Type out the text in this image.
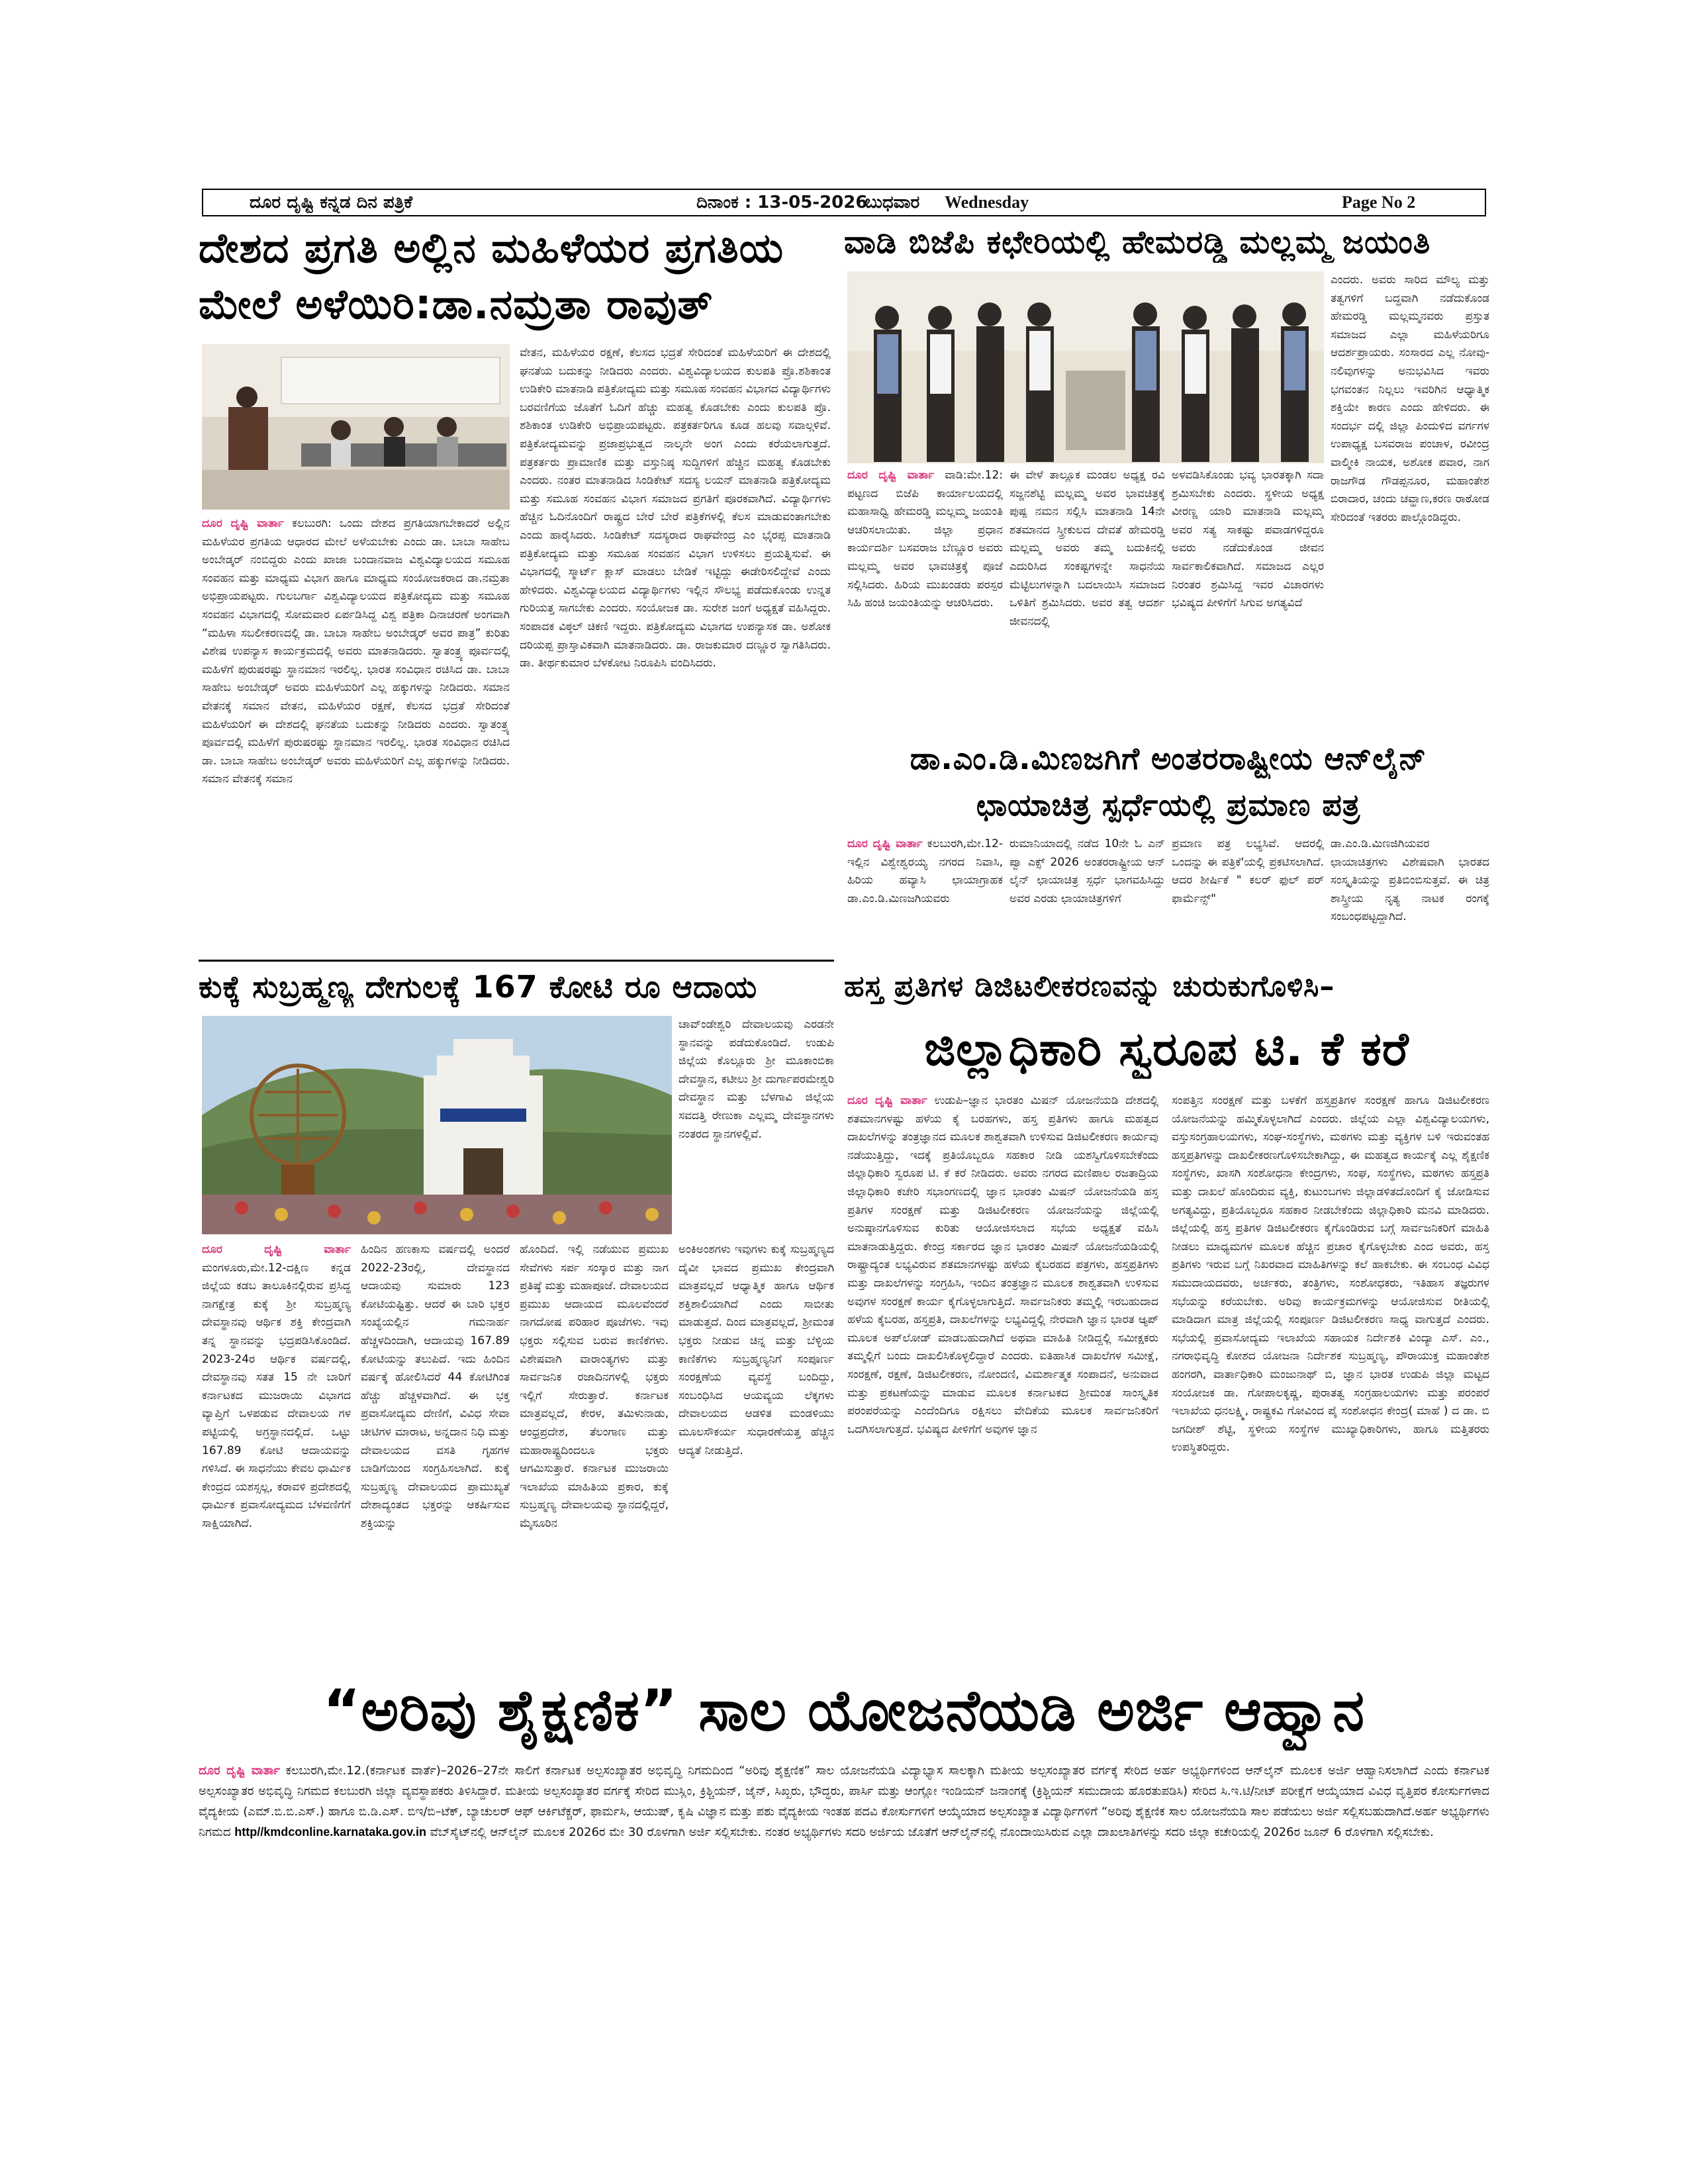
ದೂರ ದೃಷ್ಟಿ ಕನ್ನಡ ದಿನ ಪತ್ರಿಕೆ	ದಿನಾಂಕ : 13-05-2026
ಬುಧವಾರ Wednesday	Page No 2
ದೇಶದ ಪ್ರಗತಿ ಅಲ್ಲಿನ ಮಹಿಳೆಯರ ಪ್ರಗತಿಯ
ಮೇಲೆ ಅಳೆಯಿರಿ:ಡಾ.ನಮ್ರತಾ ರಾವುತ್

ದೂರ ದೃಷ್ಟಿ ವಾರ್ತಾ ಕಲಬುರಗಿ: ಒಂದು ದೇಶದ ಪ್ರಗತಿಯಾಗಬೇಕಾದರೆ ಅಲ್ಲಿನ ಮಹಿಳೆಯರ ಪ್ರಗತಿಯ ಆಧಾರದ ಮೇಲೆ ಅಳೆಯಬೇಕು ಎಂದು ಡಾ. ಬಾಬಾ ಸಾಹೇಬ ಅಂಬೇಡ್ಕರ್ ನಂಬಿದ್ದರು ಎಂದು ಖಾಜಾ ಬಂದಾನವಾಜ ವಿಶ್ವವಿದ್ಯಾಲಯದ ಸಮೂಹ ಸಂವಹನ ಮತ್ತು ಮಾಧ್ಯಮ ವಿಭಾಗ ಹಾಗೂ ಮಾಧ್ಯಮ ಸಂಯೋಜಕರಾದ ಡಾ.ನಮ್ರತಾ ಅಭಿಪ್ರಾಯಪಟ್ಟರು. ಗುಲಬರ್ಗಾ ವಿಶ್ವವಿದ್ಯಾಲಯದ ಪತ್ರಿಕೋದ್ಯಮ ಮತ್ತು ಸಮೂಹ ಸಂವಹನ ವಿಭಾಗದಲ್ಲಿ ಸೋಮವಾರ ಏರ್ಪಡಿಸಿದ್ದ ವಿಶ್ವ ಪತ್ರಿಕಾ ದಿನಾಚರಣೆ ಅಂಗವಾಗಿ “ಮಹಿಳಾ ಸಬಲೀಕರಣದಲ್ಲಿ ಡಾ. ಬಾಬಾ ಸಾಹೇಬ ಅಂಬೇಡ್ಕರ್ ಅವರ ಪಾತ್ರ” ಕುರಿತು ವಿಶೇಷ ಉಪನ್ಯಾಸ ಕಾರ್ಯಕ್ರಮದಲ್ಲಿ ಅವರು ಮಾತನಾಡಿದರು. ಸ್ವಾತಂತ್ರ್ಯ ಪೂರ್ವದಲ್ಲಿ ಮಹಿಳೆಗೆ ಪುರುಷರಷ್ಟು ಸ್ಥಾನಮಾನ ಇರಲಿಲ್ಲ. ಭಾರತ ಸಂವಿಧಾನ ರಚಿಸಿದ ಡಾ. ಬಾಬಾ ಸಾಹೇಬ ಅಂಬೇಡ್ಕರ್ ಅವರು ಮಹಿಳೆಯರಿಗೆ ಎಲ್ಲ ಹಕ್ಕುಗಳನ್ನು ನೀಡಿದರು. ಸಮಾನ ವೇತನಕ್ಕೆ ಸಮಾನ ವೇತನ, ಮಹಿಳೆಯರ ರಕ್ಷಣೆ, ಕೆಲಸದ ಭದ್ರತೆ ಸೇರಿದಂತೆ ಮಹಿಳೆಯರಿಗೆ ಈ ದೇಶದಲ್ಲಿ ಘನತೆಯ ಬದುಕನ್ನು ನೀಡಿದರು ಎಂದರು. ಸ್ವಾತಂತ್ರ್ಯ ಪೂರ್ವದಲ್ಲಿ ಮಹಿಳೆಗೆ ಪುರುಷರಷ್ಟು ಸ್ಥಾನಮಾನ ಇರಲಿಲ್ಲ. ಭಾರತ ಸಂವಿಧಾನ ರಚಿಸಿದ ಡಾ. ಬಾಬಾ ಸಾಹೇಬ ಅಂಬೇಡ್ಕರ್ ಅವರು ಮಹಿಳೆಯರಿಗೆ ಎಲ್ಲ ಹಕ್ಕುಗಳನ್ನು ನೀಡಿದರು. ಸಮಾನ ವೇತನಕ್ಕೆ ಸಮಾನ

ವೇತನ, ಮಹಿಳೆಯರ ರಕ್ಷಣೆ, ಕೆಲಸದ ಭದ್ರತೆ ಸೇರಿದಂತೆ ಮಹಿಳೆಯರಿಗೆ ಈ ದೇಶದಲ್ಲಿ ಘನತೆಯ ಬದುಕನ್ನು ನೀಡಿದರು ಎಂದರು. ವಿಶ್ವವಿದ್ಯಾಲಯದ ಕುಲಪತಿ ಪ್ರೊ.ಶಶಿಕಾಂತ ಉಡಿಕೇರಿ ಮಾತನಾಡಿ ಪತ್ರಿಕೋದ್ಯಮ ಮತ್ತು ಸಮೂಹ ಸಂವಹನ ವಿಭಾಗದ ವಿದ್ಯಾರ್ಥಿಗಳು ಬರವಣಿಗೆಯ ಜೊತೆಗೆ ಓದಿಗೆ ಹೆಚ್ಚು ಮಹತ್ವ ಕೊಡಬೇಕು ಎಂದು ಕುಲಪತಿ ಪ್ರೊ. ಶಶಿಕಾಂತ ಉಡಿಕೇರಿ ಅಭಿಪ್ರಾಯಪಟ್ಟರು. ಪತ್ರಕರ್ತರಿಗೂ ಕೂಡ ಹಲವು ಸವಾಲ್ಗಳಿವೆ. ಪತ್ರಿಕೋದ್ಯಮವನ್ನು ಪ್ರಜಾಪ್ರಭುತ್ವದ ನಾಲ್ಕನೇ ಅಂಗ ಎಂದು ಕರೆಯಲಾಗುತ್ತದೆ. ಪತ್ರಕರ್ತರು ಪ್ರಾಮಾಣಿಕ ಮತ್ತು ವಸ್ತುನಿಷ್ಠ ಸುದ್ದಿಗಳಿಗೆ ಹೆಚ್ಚಿನ ಮಹತ್ವ ಕೊಡಬೇಕು ಎಂದರು. ನಂತರ ಮಾತನಾಡಿದ ಸಿಂಡಿಕೇಟ್ ಸದಸ್ಯ ಲಯನ್ ಮಾತನಾಡಿ ಪತ್ರಿಕೋದ್ಯಮ ಮತ್ತು ಸಮೂಹ ಸಂವಹನ ವಿಭಾಗ ಸಮಾಜದ ಪ್ರಗತಿಗೆ ಪೂರಕವಾಗಿದೆ. ವಿದ್ಯಾರ್ಥಿಗಳು ಹೆಚ್ಚಿನ ಓದಿನೊಂದಿಗೆ ರಾಷ್ಟ್ರದ ಬೇರೆ ಬೇರೆ ಪತ್ರಿಕೆಗಳಲ್ಲಿ ಕೆಲಸ ಮಾಡುವಂತಾಗಬೇಕು ಎಂದು ಹಾರೈಸಿದರು. ಸಿಂಡಿಕೇಟ್ ಸದಸ್ಯರಾದ ರಾಘವೇಂದ್ರ ಎಂ ಭೈರಪ್ಪ ಮಾತನಾಡಿ ಪತ್ರಿಕೋದ್ಯಮ ಮತ್ತು ಸಮೂಹ ಸಂವಹನ ವಿಭಾಗ ಉಳಿಸಲು ಪ್ರಯತ್ನಿಸುವೆ. ಈ ವಿಭಾಗದಲ್ಲಿ ಸ್ಮಾರ್ಟ್ ಕ್ಲಾಸ್ ಮಾಡಲು ಬೇಡಿಕೆ ಇಟ್ಟಿದ್ದು ಈಡೇರಿಸಲಿದ್ದೇವೆ ಎಂದು ಹೇಳಿದರು. ವಿಶ್ವವಿದ್ಯಾಲಯದ ವಿದ್ಯಾರ್ಥಿಗಳು ಇಲ್ಲಿನ ಸೌಲಭ್ಯ ಪಡೆದುಕೊಂಡು ಉನ್ನತ ಗುರಿಯತ್ತ ಸಾಗಬೇಕು ಎಂದರು. ಸಂಯೋಜಕ ಡಾ. ಸುರೇಶ ಜಂಗೆ ಅಧ್ಯಕ್ಷತೆ ವಹಿಸಿದ್ದರು. ಸಂಪಾದಕ ವಿಠ್ಠಲ್ ಚಿಕಣಿ ಇದ್ದರು. ಪತ್ರಿಕೋದ್ಯಮ ವಿಭಾಗದ ಉಪನ್ಯಾಸಕ ಡಾ. ಅಶೋಕ ದರಿಯಪ್ಪ ಪ್ರಾಸ್ತಾವಿಕವಾಗಿ ಮಾತನಾಡಿದರು. ಡಾ. ರಾಜಕುಮಾರ ದಣ್ಣೂರ ಸ್ವಾಗತಿಸಿದರು. ಡಾ. ತೀರ್ಥಕುಮಾರ ಬೆಳಕೋಟ ನಿರೂಪಿಸಿ ವಂದಿಸಿದರು.

ವಾಡಿ ಬಿಜೆಪಿ ಕಛೇರಿಯಲ್ಲಿ ಹೇಮರಡ್ಡಿ ಮಲ್ಲಮ್ಮ ಜಯಂತಿ

ದೂರ ದೃಷ್ಟಿ ವಾರ್ತಾ ವಾಡಿ:ಮೇ.12: ಪಟ್ಟಣದ ಬಿಜೆಪಿ ಕಾರ್ಯಾಲಯದಲ್ಲಿ ಮಹಾಸಾಧ್ವಿ ಹೇಮರಡ್ಡಿ ಮಲ್ಲಮ್ಮ ಜಯಂತಿ ಆಚರಿಸಲಾಯಿತು. ಜಿಲ್ಲಾ ಪ್ರಧಾನ ಕಾರ್ಯದರ್ಶಿ ಬಸವರಾಜ ಬೆಣ್ಣೂರ ಅವರು ಮಲ್ಲಮ್ಮ ಅವರ ಭಾವಚಿತ್ರಕ್ಕೆ ಪೂಜೆ ಸಲ್ಲಿಸಿದರು. ಹಿರಿಯ ಮುಖಂಡರು ಪರಸ್ಪರ ಸಿಹಿ ಹಂಚಿ ಜಯಂತಿಯನ್ನು ಆಚರಿಸಿದರು.

ಈ ವೇಳೆ ತಾಲ್ಲೂಕ ಮಂಡಲ ಅಧ್ಯಕ್ಷ ರವಿ ಸಜ್ಜನಶೆಟ್ಟಿ ಮಲ್ಲಮ್ಮ ಅವರ ಭಾವಚಿತ್ರಕ್ಕೆ ಪುಷ್ಪ ನಮನ ಸಲ್ಲಿಸಿ ಮಾತನಾಡಿ 14ನೇ ಶತಮಾನದ ಸ್ತ್ರೀಕುಲದ ದೇವತೆ ಹೇಮರಡ್ಡಿ ಮಲ್ಲಮ್ಮ ಅವರು ತಮ್ಮ ಬದುಕಿನಲ್ಲಿ ಎದುರಿಸಿದ ಸಂಕಷ್ಟಗಳನ್ನೇ ಸಾಧನೆಯ ಮೆಟ್ಟಿಲುಗಳನ್ನಾಗಿ ಬದಲಾಯಿಸಿ ಸಮಾಜದ ಒಳಿತಿಗೆ ಶ್ರಮಿಸಿದರು. ಅವರ ತತ್ವ ಆದರ್ಶ ಜೀವನದಲ್ಲಿ

ಅಳವಡಿಸಿಕೊಂಡು ಭವ್ಯ ಭಾರತಕ್ಕಾಗಿ ಸದಾ ಶ್ರಮಿಸಬೇಕು ಎಂದರು. ಸ್ಥಳೀಯ ಅಧ್ಯಕ್ಷ ವೀರಣ್ಣ ಯಾರಿ ಮಾತನಾಡಿ ಮಲ್ಲಮ್ಮ ಅವರ ಸತ್ಯ ಸಾಕಷ್ಟು ಪವಾಡಗಳಿದ್ದರೂ ಅವರು ನಡೆದುಕೊಂಡ ಜೀವನ ಸಾರ್ವಕಾಲಿಕವಾಗಿದೆ. ಸಮಾಜದ ಎಲ್ಲರ ನಿರಂತರ ಶ್ರಮಿಸಿದ್ದ ಇವರ ವಿಚಾರಗಳು ಭವಿಷ್ಯದ ಪೀಳಿಗೆಗೆ ಸಿಗುವ ಅಗತ್ಯವಿದೆ

ಎಂದರು. ಅವರು ಸಾರಿದ ಮೌಲ್ಯ ಮತ್ತು ತತ್ವಗಳಿಗೆ ಬದ್ಧವಾಗಿ ನಡೆದುಕೊಂಡ ಹೇಮರಡ್ಡಿ ಮಲ್ಲಮ್ಮನವರು ಪ್ರಸ್ತುತ ಸಮಾಜದ ಎಲ್ಲಾ ಮಹಿಳೆಯರಿಗೂ ಆದರ್ಶಪ್ರಾಯರು. ಸಂಸಾರದ ಎಲ್ಲ ನೋವು-ನಲಿವುಗಳನ್ನು ಅನುಭವಿಸಿದ ಇವರು ಭಗವಂತನ ನಿಲ್ಲಲು ಇವರಿಗಿನ ಆಧ್ಯಾತ್ಮಿಕ ಶಕ್ತಿಯೇ ಕಾರಣ ಎಂದು ಹೇಳಿದರು. ಈ ಸಂದರ್ಭ ದಲ್ಲಿ ಜಿಲ್ಲಾ ಪಿಂದುಳಿದ ವರ್ಗಗಳ ಉಪಾಧ್ಯಕ್ಷ ಬಸವರಾಜ ಪಂಚಾಳ, ರವೀಂದ್ರ ವಾಲ್ಮೀಕಿ ನಾಯಕ, ಅಶೋಕ ಪವಾರ, ನಾಗ ರಾಜಗೌಡ ಗೌಡಪ್ಪನೂರ, ಮಹಾಂತೇಶ ಬಿರಾದಾರ, ಚಂದು ಚವ್ಹಾಣ,ಕರಣ ರಾಠೋಡ ಸೇರಿದಂತೆ ಇತರರು ಪಾಲ್ಗೊಂಡಿದ್ದರು.

ಡಾ.ಎಂ.ಡಿ.ಮಿಣಜಗಿಗೆ ಅಂತರರಾಷ್ಟ್ರೀಯ ಆನ್‌ಲೈನ್
ಛಾಯಾಚಿತ್ರ ಸ್ಪರ್ಧೆಯಲ್ಲಿ ಪ್ರಮಾಣ ಪತ್ರ

ದೂರ ದೃಷ್ಟಿ ವಾರ್ತಾ ಕಲಬುರಗಿ,ಮೇ.12-ಇಲ್ಲಿನ ವಿಶ್ವೇಶ್ವರಯ್ಯ ನಗರದ ನಿವಾಸಿ, ಹಿರಿಯ ಹವ್ಯಾಸಿ ಛಾಯಾಗ್ರಾಹಕ ಡಾ.ಎಂ.ಡಿ.ಮಿಣಜಗಿಯವರು

ರುಮಾನಿಯಾದಲ್ಲಿ ನಡೆದ 10ನೇ ಓ ಎನ್ ಪ್ವಾ ಎಕ್ಸ್ 2026 ಅಂತರರಾಷ್ಟ್ರೀಯ ಆನ್ ಲೈನ್ ಛಾಯಾಚಿತ್ರ ಸ್ಪರ್ಧೆ ಭಾಗವಹಿಸಿದ್ದು ಅವರ ಎರಡು ಛಾಯಾಚಿತ್ರಗಳಿಗೆ

ಪ್ರಮಾಣ ಪತ್ರ ಲಭ್ಯಸಿವೆ. ಆದರಲ್ಲಿ ಒಂದನ್ನು ಈ ಪತ್ರಿಕೆ'ಯಲ್ಲಿ ಪ್ರಕಟಿಸಲಾಗಿದೆ. ಆದರ ಶೀರ್ಷಿಕೆ " ಕಲರ್ ಫುಲ್ ಪರ್ ಫಾರ್ಮೆನ್ಸ್"

ಡಾ.ಎಂ.ಡಿ.ಮಿಣಜಿಗಿಯವರ ಛಾಯಾಚಿತ್ರಗಳು ವಿಶೇಷವಾಗಿ ಭಾರತದ ಸಂಸ್ಕೃತಿಯನ್ನು ಪ್ರತಿಬಿಂಬಿಸುತ್ತವೆ. ಈ ಚಿತ್ರ ಶಾಸ್ತ್ರೀಯ ನೃತ್ಯ ನಾಟಕ ರಂಗಕ್ಕೆ ಸಂಬಂಧಪಟ್ಟದ್ದಾಗಿದೆ.

ಕುಕ್ಕೆ ಸುಬ್ರಹ್ಮಣ್ಯ ದೇಗುಲಕ್ಕೆ 167 ಕೋಟಿ ರೂ ಆದಾಯ

ಚಾವ್‌ಂಡೇಶ್ವರಿ ದೇವಾಲಯವು ಎರಡನೇ ಸ್ಥಾನವನ್ನು ಪಡೆದುಕೊಂಡಿದೆ. ಉಡುಪಿ ಜಿಲ್ಲೆಯ ಕೊಲ್ಲೂರು ಶ್ರೀ ಮೂಕಾಂಬಿಕಾ ದೇವಸ್ಥಾನ, ಕಟೀಲು ಶ್ರೀ ದುರ್ಗಾಪರಮೇಶ್ವರಿ ದೇವಸ್ಥಾನ ಮತ್ತು ಬೆಳಗಾವಿ ಜಿಲ್ಲೆಯ ಸವದತ್ತಿ ರೇಣುಕಾ ಎಲ್ಲಮ್ಮ ದೇವಸ್ಥಾನಗಳು ನಂತರದ ಸ್ಥಾನಗಳಲ್ಲಿವೆ.

ದೂರ ದೃಷ್ಟಿ ವಾರ್ತಾ ಮಂಗಳೂರು,ಮೇ.12-ದಕ್ಷಿಣ ಕನ್ನಡ ಜಿಲ್ಲೆಯ ಕಡಬ ತಾಲೂಕಿನಲ್ಲಿರುವ ಪ್ರಸಿದ್ಧ ನಾಗಕ್ಷೇತ್ರ ಕುಕ್ಕೆ ಶ್ರೀ ಸುಬ್ರಹ್ಮಣ್ಯ ದೇವಸ್ಥಾನವು ಆರ್ಥಿಕ ಶಕ್ತಿ ಕೇಂದ್ರವಾಗಿ ತನ್ನ ಸ್ಥಾನವನ್ನು ಭದ್ರಪಡಿಸಿಕೊಂಡಿದೆ. 2023-24ರ ಆರ್ಥಿಕ ವರ್ಷದಲ್ಲಿ, ದೇವಸ್ಥಾನವು ಸತತ 15 ನೇ ಬಾರಿಗೆ ಕರ್ನಾಟಕದ ಮುಜರಾಯಿ ವಿಭಾಗದ ವ್ಯಾಪ್ತಿಗೆ ಒಳಪಡುವ ದೇವಾಲಯ ಗಳ ಪಟ್ಟಿಯಲ್ಲಿ ಅಗ್ರಸ್ಥಾನದಲ್ಲಿದೆ. ಒಟ್ಟು 167.89 ಕೋಟಿ ಆದಾಯವನ್ನು ಗಳಿಸಿದೆ. ಈ ಸಾಧನೆಯು ಕೇವಲ ಧಾರ್ಮಿಕ ಕೇಂದ್ರದ ಯಶಸ್ಸಲ್ಲ, ಕರಾವಳಿ ಪ್ರದೇಶದಲ್ಲಿ ಧಾರ್ಮಿಕ ಪ್ರವಾಸೋದ್ಯಮದ ಬೆಳವಣಿಗೆಗೆ ಸಾಕ್ಷಿಯಾಗಿದೆ.

ಹಿಂದಿನ ಹಣಕಾಸು ವರ್ಷದಲ್ಲಿ ಅಂದರೆ 2022-23ರಲ್ಲಿ, ದೇವಸ್ಥಾನದ ಆದಾಯವು ಸುಮಾರು 123 ಕೋಟಿಯಷ್ಟಿತ್ತು. ಆದರೆ ಈ ಬಾರಿ ಭಕ್ತರ ಸಂಖ್ಯೆಯಲ್ಲಿನ ಗಮನಾರ್ಹ ಹೆಚ್ಚಳದಿಂದಾಗಿ, ಆದಾಯವು 167.89 ಕೋಟಿಯನ್ನು ತಲುಪಿದೆ. ಇದು ಹಿಂದಿನ ವರ್ಷಕ್ಕೆ ಹೋಲಿಸಿದರೆ 44 ಕೋಟಿಗಿಂತ ಹೆಚ್ಚು ಹೆಚ್ಚಳವಾಗಿದೆ. ಈ ಭಕ್ತ ಪ್ರವಾಸೋದ್ಯಮ ದೇಣಿಗೆ, ವಿವಿಧ ಸೇವಾ ಚೀಟಿಗಳ ಮಾರಾಟ, ಅನ್ನದಾನ ನಿಧಿ ಮತ್ತು ದೇವಾಲಯದ ವಸತಿ ಗೃಹಗಳ ಬಾಡಿಗೆಯಿಂದ ಸಂಗ್ರಹಿಸಲಾಗಿದೆ. ಕುಕ್ಕೆ ಸುಬ್ರಹ್ಮಣ್ಯ ದೇವಾಲಯದ ಪ್ರಾಮುಖ್ಯತೆ ದೇಶಾದ್ಯಂತದ ಭಕ್ತರನ್ನು ಆಕರ್ಷಿಸುವ ಶಕ್ತಿಯನ್ನು

ಹೊಂದಿದೆ. ಇಲ್ಲಿ ನಡೆಯುವ ಪ್ರಮುಖ ಸೇವೆಗಳು ಸರ್ಪ ಸಂಸ್ಕಾರ ಮತ್ತು ನಾಗ ಪ್ರತಿಷ್ಠೆ ಮತ್ತು ಮಹಾಪೂಜೆ. ದೇವಾಲಯದ ಪ್ರಮುಖ ಆದಾಯದ ಮೂಲವೆಂದರೆ ನಾಗದೋಷ ಪರಿಹಾರ ಪೂಜೆಗಳು. ಇವು ಭಕ್ತರು ಸಲ್ಲಿಸುವ ಬರುವ ಕಾಣಿಕೆಗಳು. ವಿಶೇಷವಾಗಿ ವಾರಾಂತ್ಯಗಳು ಮತ್ತು ಸಾರ್ವಜನಿಕ ರಜಾದಿನಗಳಲ್ಲಿ ಭಕ್ತರು ಇಲ್ಲಿಗೆ ಸೇರುತ್ತಾರೆ. ಕರ್ನಾಟಕ ಮಾತ್ರವಲ್ಲದೆ, ಕೇರಳ, ತಮಿಳುನಾಡು, ಆಂಧ್ರಪ್ರದೇಶ, ತೆಲಂಗಾಣ ಮತ್ತು ಮಹಾರಾಷ್ಟ್ರದಿಂದಲೂ ಭಕ್ತರು ಆಗಮಿಸುತ್ತಾರೆ. ಕರ್ನಾಟಕ ಮುಜರಾಯಿ ಇಲಾಖೆಯ ಮಾಹಿತಿಯ ಪ್ರಕಾರ, ಕುಕ್ಕೆ ಸುಬ್ರಹ್ಮಣ್ಯ ದೇವಾಲಯವು ಸ್ಥಾನದಲ್ಲಿದ್ದರೆ, ಮೈಸೂರಿನ

ಅಂಕಿಅಂಶಗಳು ಇವುಗಳು ಕುಕ್ಕೆ ಸುಬ್ರಹ್ಮಣ್ಯದ ದೈವೀ ಭಾವದ ಪ್ರಮುಖ ಕೇಂದ್ರವಾಗಿ ಮಾತ್ರವಲ್ಲದೆ ಆಧ್ಯಾತ್ಮಿಕ ಹಾಗೂ ಆರ್ಥಿಕ ಶಕ್ತಿಶಾಲಿಯಾಗಿದೆ ಎಂದು ಸಾಬೀತು ಮಾಡುತ್ತದೆ. ದಿಂದ ಮಾತ್ರವಲ್ಲದೆ, ಶ್ರೀಮಂತ ಭಕ್ತರು ನೀಡುವ ಚಿನ್ನ ಮತ್ತು ಬೆಳ್ಳಿಯ ಕಾಣಿಕೆಗಳು ಸುಬ್ರಹ್ಮಣ್ಯನಿಗೆ ಸಂಪೂರ್ಣ ಸಂರಕ್ಷಣೆಯ ವ್ಯವಸ್ಥೆ ಬಂದಿದ್ದು, ಸಂಬಂಧಿಸಿದ ಆಯವ್ಯಯ ಲೆಕ್ಕಗಳು ದೇವಾಲಯದ ಆಡಳಿತ ಮಂಡಳಿಯು ಮೂಲಸೌಕರ್ಯ ಸುಧಾರಣೆಯತ್ತ ಹೆಚ್ಚಿನ ಆದ್ಯತೆ ನೀಡುತ್ತಿದೆ.

ಹಸ್ತ ಪ್ರತಿಗಳ ಡಿಜಿಟಲೀಕರಣವನ್ನು ಚುರುಕುಗೊಳಿಸಿ–
ಜಿಲ್ಲಾಧಿಕಾರಿ ಸ್ವರೂಪ ಟಿ. ಕೆ ಕರೆ

ದೂರ ದೃಷ್ಟಿ ವಾರ್ತಾ ಉಡುಪಿ–ಜ್ಞಾನ ಭಾರತಂ ಮಿಷನ್ ಯೋಜನೆಯಡಿ ದೇಶದಲ್ಲಿ ಶತಮಾನಗಳಷ್ಟು ಹಳೆಯ ಕೈ ಬರಹಗಳು, ಹಸ್ತ ಪ್ರತಿಗಳು ಹಾಗೂ ಮಹತ್ವದ ದಾಖಲೆಗಳನ್ನು ತಂತ್ರಜ್ಞಾನದ ಮೂಲಕ ಶಾಶ್ವತವಾಗಿ ಉಳಿಸುವ ಡಿಜಿಟಲೀಕರಣ ಕಾರ್ಯವು ನಡೆಯುತ್ತಿದ್ದು, ಇದಕ್ಕೆ ಪ್ರತಿಯೊಬ್ಬರೂ ಸಹಕಾರ ನೀಡಿ ಯಶಸ್ವಿಗೊಳಿಸಬೇಕೆಂದು ಜಿಲ್ಲಾಧಿಕಾರಿ ಸ್ವರೂಪ ಟಿ. ಕೆ ಕರೆ ನೀಡಿದರು. ಅವರು ನಗರದ ಮಣಿಪಾಲ ರಜತಾದ್ರಿಯ ಜಿಲ್ಲಾಧಿಕಾರಿ ಕಚೇರಿ ಸಭಾಂಗಣದಲ್ಲಿ ಜ್ಞಾನ ಭಾರತಂ ಮಿಷನ್ ಯೋಜನೆಯಡಿ ಹಸ್ತ ಪ್ರತಿಗಳ ಸಂರಕ್ಷಣೆ ಮತ್ತು ಡಿಜಿಟಲೀಕರಣ ಯೋಜನೆಯನ್ನು ಜಿಲ್ಲೆಯಲ್ಲಿ ಅನುಷ್ಠಾನಗೊಳಿಸುವ ಕುರಿತು ಆಯೋಜಿಸಲಾದ ಸಭೆಯ ಅಧ್ಯಕ್ಷತೆ ವಹಿಸಿ ಮಾತನಾಡುತ್ತಿದ್ದರು. ಕೇಂದ್ರ ಸರ್ಕಾರದ ಜ್ಞಾನ ಭಾರತಂ ಮಿಷನ್ ಯೋಜನೆಯಡಿಯಲ್ಲಿ ರಾಷ್ಟ್ರಾದ್ಯಂತ ಲಭ್ಯವಿರುವ ಶತಮಾನಗಳಷ್ಟು ಹಳೆಯ ಕೈಬರಹದ ಪತ್ರಗಳು, ಹಸ್ತಪ್ರತಿಗಳು ಮತ್ತು ದಾಖಲೆಗಳನ್ನು ಸಂಗ್ರಹಿಸಿ, ಇಂದಿನ ತಂತ್ರಜ್ಞಾನ ಮೂಲಕ ಶಾಶ್ವತವಾಗಿ ಉಳಿಸುವ ಅವುಗಳ ಸಂರಕ್ಷಣೆ ಕಾರ್ಯ ಕೈಗೊಳ್ಳಲಾಗುತ್ತಿದೆ. ಸಾರ್ವಜನಿಕರು ತಮ್ಮಲ್ಲಿ ಇರಬಹುದಾದ ಹಳೆಯ ಕೈಬರಹ, ಹಸ್ತಪ್ರತಿ, ದಾಖಲೆಗಳನ್ನು ಲಭ್ಯವಿದ್ದಲ್ಲಿ ನೇರವಾಗಿ ಜ್ಞಾನ ಭಾರತ ಆ್ಯಪ್ ಮೂಲಕ ಅಪ್‌ಲೋಡ್ ಮಾಡಬಹುದಾಗಿದೆ ಅಥವಾ ಮಾಹಿತಿ ನೀಡಿದ್ದಲ್ಲಿ ಸಮೀಕ್ಷಕರು ತಮ್ಮಲ್ಲಿಗೆ ಬಂದು ದಾಖಲಿಸಿಕೊಳ್ಳಲಿದ್ದಾರೆ ಎಂದರು. ಐತಿಹಾಸಿಕ ದಾಖಲೆಗಳ ಸಮೀಕ್ಷೆ, ಸಂರಕ್ಷಣೆ, ರಕ್ಷಣೆ, ಡಿಜಿಟಲೀಕರಣ, ನೋಂದಣಿ, ವಿಮರ್ಶಾತ್ಮಕ ಸಂಪಾದನೆ, ಅನುವಾದ ಮತ್ತು ಪ್ರಕಟಣೆಯನ್ನು ಮಾಡುವ ಮೂಲಕ ಕರ್ನಾಟಕದ ಶ್ರೀಮಂತ ಸಾಂಸ್ಕೃತಿಕ ಪರಂಪರೆಯನ್ನು ಎಂದೆಂದಿಗೂ ರಕ್ಷಿಸಲು ವೇದಿಕೆಯ ಮೂಲಕ ಸಾರ್ವಜನಿಕರಿಗೆ ಒದಗಿಸಲಾಗುತ್ತದೆ. ಭವಿಷ್ಯದ ಪೀಳಿಗೆಗೆ ಅವುಗಳ ಜ್ಞಾನ

ಸಂಪತ್ತಿನ ಸಂರಕ್ಷಣೆ ಮತ್ತು ಬಳಕೆಗೆ ಹಸ್ತಪ್ರತಿಗಳ ಸಂರಕ್ಷಣೆ ಹಾಗೂ ಡಿಜಿಟಲೀಕರಣ ಯೋಜನೆಯನ್ನು ಹಮ್ಮಿಕೊಳ್ಳಲಾಗಿದೆ ಎಂದರು. ಜಿಲ್ಲೆಯ ಎಲ್ಲಾ ವಿಶ್ವವಿದ್ಯಾಲಯಗಳು, ವಸ್ತುಸಂಗ್ರಹಾಲಯಗಳು, ಸಂಘ-ಸಂಸ್ಥೆಗಳು, ಮಠಗಳು ಮತ್ತು ವ್ಯಕ್ತಿಗಳ ಬಳಿ ಇರುವಂತಹ ಹಸ್ತಪ್ರತಿಗಳನ್ನು ದಾಖಲೀಕರಣಗೊಳಿಸಬೇಕಾಗಿದ್ದು, ಈ ಮಹತ್ವದ ಕಾರ್ಯಕ್ಕೆ ಎಲ್ಲ ಶೈಕ್ಷಣಿಕ ಸಂಸ್ಥೆಗಳು, ಖಾಸಗಿ ಸಂಶೋಧನಾ ಕೇಂದ್ರಗಳು, ಸಂಘ, ಸಂಸ್ಥೆಗಳು, ಮಠಗಳು ಹಸ್ತಪ್ರತಿ ಮತ್ತು ದಾಖಲೆ ಹೊಂದಿರುವ ವ್ಯಕ್ತಿ, ಕುಟುಂಬಗಳು ಜಿಲ್ಲಾಡಳಿತದೊಂದಿಗೆ ಕೈ ಜೋಡಿಸುವ ಅಗತ್ಯವಿದ್ದು, ಪ್ರತಿಯೊಬ್ಬರೂ ಸಹಕಾರ ನೀಡಬೇಕೆಂದು ಜಿಲ್ಲಾಧಿಕಾರಿ ಮನವಿ ಮಾಡಿದರು. ಜಿಲ್ಲೆಯಲ್ಲಿ ಹಸ್ತ ಪ್ರತಿಗಳ ಡಿಜಿಟಲೀಕರಣ ಕೈಗೊಂಡಿರುವ ಬಗ್ಗೆ ಸಾರ್ವಜನಿಕರಿಗೆ ಮಾಹಿತಿ ನೀಡಲು ಮಾಧ್ಯಮಗಳ ಮೂಲಕ ಹೆಚ್ಚಿನ ಪ್ರಚಾರ ಕೈಗೊಳ್ಳಬೇಕು ಎಂದ ಅವರು, ಹಸ್ತ ಪ್ರತಿಗಳು ಇರುವ ಬಗ್ಗೆ ನಿಖರವಾದ ಮಾಹಿತಿಗಳನ್ನು ಕಲೆ ಹಾಕಬೇಕು. ಈ ಸಂಬಂಧ ವಿವಿಧ ಸಮುದಾಯದವರು, ಅರ್ಚಕರು, ತಂತ್ರಿಗಳು, ಸಂಶೋಧಕರು, ಇತಿಹಾಸ ತಜ್ಞರುಗಳ ಸಭೆಯನ್ನು ಕರೆಯಬೇಕು. ಅರಿವು ಕಾರ್ಯಕ್ರಮಗಳನ್ನು ಆಯೋಜಿಸುವ ರೀತಿಯಲ್ಲಿ ಮಾಡಿದಾಗ ಮಾತ್ರ ಜಿಲ್ಲೆಯಲ್ಲಿ ಸಂಪೂರ್ಣ ಡಿಜಿಟಲೀಕರಣ ಸಾಧ್ಯ ವಾಗುತ್ತದೆ ಎಂದರು. ಸಭೆಯಲ್ಲಿ ಪ್ರವಾಸೋದ್ಯಮ ಇಲಾಖೆಯ ಸಹಾಯಕ ನಿರ್ದೇಶಕಿ ವಿಂದ್ಯಾ ಎಸ್. ಎಂ., ನಗರಾಭಿವೃದ್ಧಿ ಕೋಶದ ಯೋಜನಾ ನಿರ್ದೇಶಕ ಸುಬ್ರಹ್ಮಣ್ಯ, ಪೌರಾಯುಕ್ತ ಮಹಾಂತೇಶ ಹಂಗರಗಿ, ವಾರ್ತಾಧಿಕಾರಿ ಮಂಜುನಾಥ್ ಬಿ, ಜ್ಞಾನ ಭಾರತ ಉಡುಪಿ ಜಿಲ್ಲಾ ಮಟ್ಟದ ಸಂಯೋಜಕ ಡಾ. ಗೋಪಾಲಕೃಷ್ಣ, ಪುರಾತತ್ವ ಸಂಗ್ರಹಾಲಯಗಳು ಮತ್ತು ಪರಂಪರೆ ಇಲಾಖೆಯ ಧನಲಕ್ಷ್ಮಿ, ರಾಷ್ಟ್ರಕವಿ ಗೋವಿಂದ ಪೈ ಸಂಶೋಧನ ಕೇಂದ್ರ( ಮಾಹೆ ) ದ ಡಾ. ಬಿ ಜಗದೀಶ್ ಶೆಟ್ಟಿ, ಸ್ಥಳೀಯ ಸಂಸ್ಥೆಗಳ ಮುಖ್ಯಾಧಿಕಾರಿಗಳು, ಹಾಗೂ ಮತ್ತಿತರರು ಉಪಸ್ಥಿತರಿದ್ದರು.

“ಅರಿವು ಶೈಕ್ಷಣಿಕ” ಸಾಲ ಯೋಜನೆಯಡಿ ಅರ್ಜಿ ಆಹ್ವಾನ

ದೂರ ದೃಷ್ಟಿ ವಾರ್ತಾ ಕಲಬುರಗಿ,ಮೇ.12.(ಕರ್ನಾಟಕ ವಾರ್ತೆ)–2026–27ನೇ ಸಾಲಿಗೆ ಕರ್ನಾಟಕ ಅಲ್ಪಸಂಖ್ಯಾತರ ಅಭಿವೃದ್ಧಿ ನಿಗಮದಿಂದ “ಅರಿವು ಶೈಕ್ಷಣಿಕ” ಸಾಲ ಯೋಜನೆಯಡಿ ವಿದ್ಯಾಭ್ಯಾಸ ಸಾಲಕ್ಕಾಗಿ ಮತೀಯ ಅಲ್ಪಸಂಖ್ಯಾತರ ವರ್ಗಕ್ಕೆ ಸೇರಿದ ಅರ್ಹ ಅಭ್ಯರ್ಥಿಗಳಿಂದ ಆನ್‌ಲೈನ್ ಮೂಲಕ ಅರ್ಜಿ ಆಹ್ವಾನಿಸಲಾಗಿದೆ ಎಂದು ಕರ್ನಾಟಕ ಅಲ್ಪಸಂಖ್ಯಾತರ ಅಭಿವೃದ್ಧಿ ನಿಗಮದ ಕಲಬುರಗಿ ಜಿಲ್ಲಾ ವ್ಯವಸ್ಥಾಪಕರು ತಿಳಿಸಿದ್ದಾರೆ. ಮತೀಯ ಅಲ್ಪಸಂಖ್ಯಾತರ ವರ್ಗಕ್ಕೆ ಸೇರಿದ ಮುಸ್ಲಿಂ, ಕ್ರಿಶ್ಚಿಯನ್, ಜೈನ್, ಸಿಖ್ಖರು, ಭೌದ್ಧರು, ಪಾರ್ಸಿ ಮತ್ತು ಆಂಗ್ಲೋ ಇಂಡಿಯನ್ ಜನಾಂಗಕ್ಕೆ (ಕ್ರಿಶ್ಚಿಯನ್ ಸಮುದಾಯ ಹೊರತುಪಡಿಸಿ) ಸೇರಿದ ಸಿ.ಇ.ಟಿ/ನೀಟ್ ಪರೀಕ್ಷೆಗೆ ಆಯ್ಕೆಯಾದ ವಿವಿಧ ವೃತ್ತಿಪರ ಕೋರ್ಸುಗಳಾದ ವೈದ್ಯಕೀಯ (ಎಮ್.ಬಿ.ಬಿ.ಎಸ್.) ಹಾಗೂ ಬಿ.ಡಿ.ಎಸ್. ಬಿಇ/ಬಿ–ಟೆಕ್, ಬ್ಯಾಚುಲರ್ ಆಫ್ ಆರ್ಕಿಟೆಕ್ಚರ್, ಫಾರ್ಮಸಿ, ಆಯುಷ್, ಕೃಷಿ ವಿಜ್ಞಾನ ಮತ್ತು ಪಶು ವೈದ್ಯಕೀಯ ಇಂತಹ ಪದವಿ ಕೋರ್ಸುಗಳಿಗೆ ಆಯ್ಕೆಯಾದ ಅಲ್ಪಸಂಖ್ಯಾತ ವಿದ್ಯಾರ್ಥಿಗಳಿಗೆ “ಅರಿವು ಶೈಕ್ಷಣಿಕ ಸಾಲ ಯೋಜನೆಯಡಿ ಸಾಲ ಪಡೆಯಲು ಅರ್ಜಿ ಸಲ್ಲಿಸಬಹುದಾಗಿದೆ.ಅರ್ಹ ಅಭ್ಯರ್ಥಿಗಳು ನಿಗಮದ http//kmdconline.karnataka.gov.in ವೆಬ್‌ಸೈಟ್‌ನಲ್ಲಿ ಆನ್‌ಲೈನ್ ಮೂಲಕ 2026ರ ಮೇ 30 ರೊಳಗಾಗಿ ಅರ್ಜಿ ಸಲ್ಲಿಸಬೇಕು. ನಂತರ ಅಭ್ಯರ್ಥಿಗಳು ಸದರಿ ಅರ್ಜಿಯ ಜೊತೆಗೆ ಆನ್‌ಲೈನ್‌ನಲ್ಲಿ ನೊಂದಾಯಿಸಿರುವ ಎಲ್ಲಾ ದಾಖಲಾತಿಗಳನ್ನು ಸದರಿ ಜಿಲ್ಲಾ ಕಚೇರಿಯಲ್ಲಿ 2026ರ ಜೂನ್ 6 ರೊಳಗಾಗಿ ಸಲ್ಲಿಸಬೇಕು.
